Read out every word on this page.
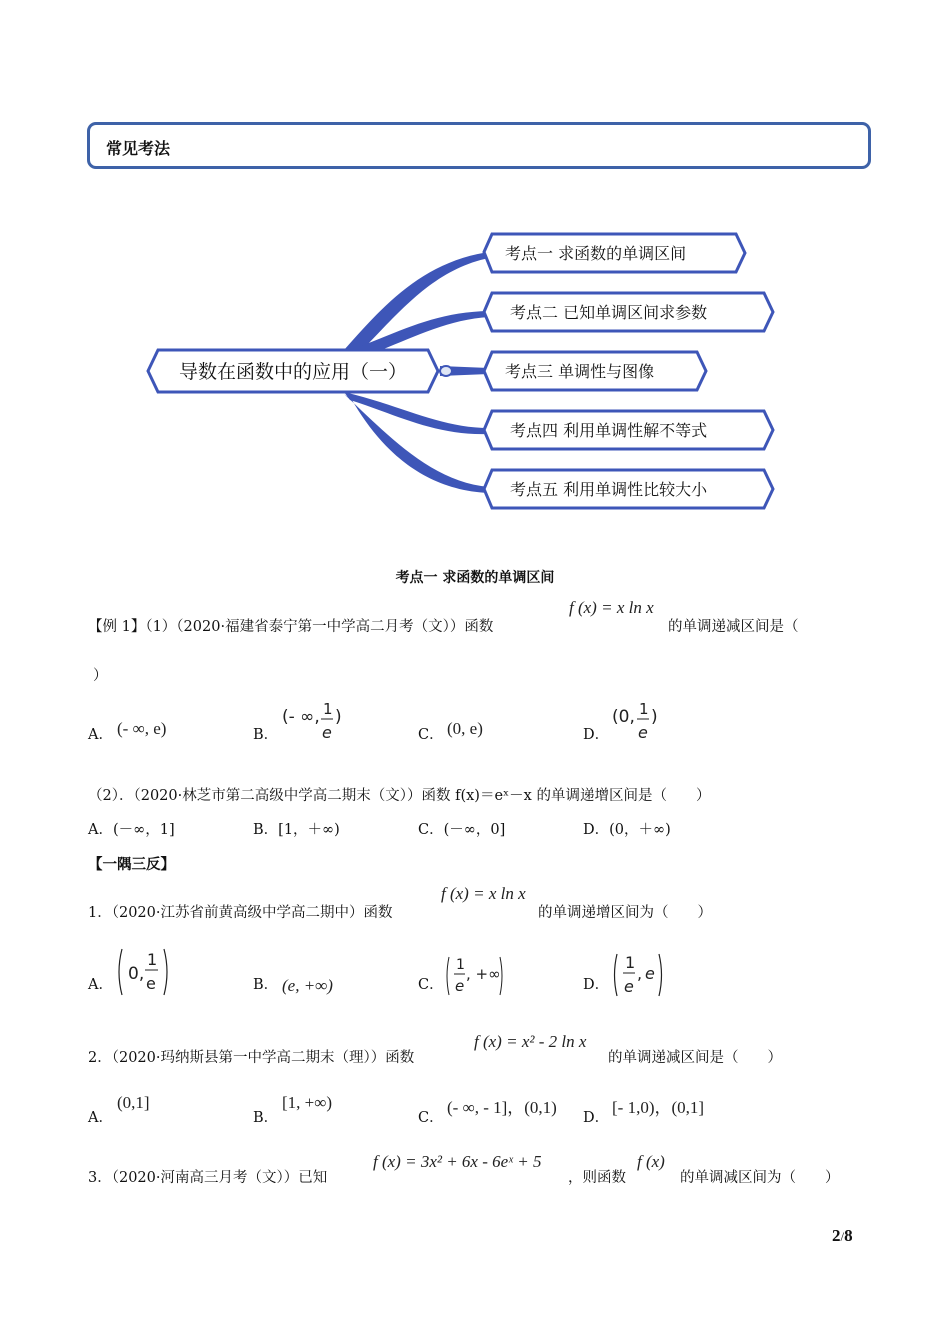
常见考法
导数在函数中的应用（一）
考点一 求函数的单调区间
考点二 已知单调区间求参数
考点三 单调性与图像
考点四 利用单调性解不等式
考点五 利用单调性比较大小
考点一 求函数的单调区间
【例 1】（1）（2020·福建省泰宁第一中学高二月考（文））函数
f (x) = x ln x
的单调递减区间是（
）
A． (- ∞, e)	B．
(- ∞, 1
e
)
C． (0, e)	D．
(0, 1
e
)
（2）．（2020·林芝市第二高级中学高二期末（文））函数 f(x)＝eˣ－x 的单调递增区间是（　　）
A．(－∞，1]	B．[1，＋∞)	C．(－∞，0]	D．(0，＋∞)
【一隅三反】
1．（2020·江苏省前黄高级中学高二期中）函数
f (x) = x ln x
的单调递增区间为（　　）
A．
0,
1
e	B． (e, +∞)	C．
1
e
, +∞
D．
1
e
, e
2．（2020·玛纳斯县第一中学高二期末（理））函数
f (x) = x² - 2 ln x
的单调递减区间是（　　）
A．
(0,1]
B．
[1, +∞)
C．
(- ∞, - 1]，(0,1)
D．
[- 1,0)，(0,1]
3．（2020·河南高三月考（文））已知
f (x) = 3x² + 6x - 6eˣ + 5
，则函数
f (x)
的单调减区间为（　　）
2/8
